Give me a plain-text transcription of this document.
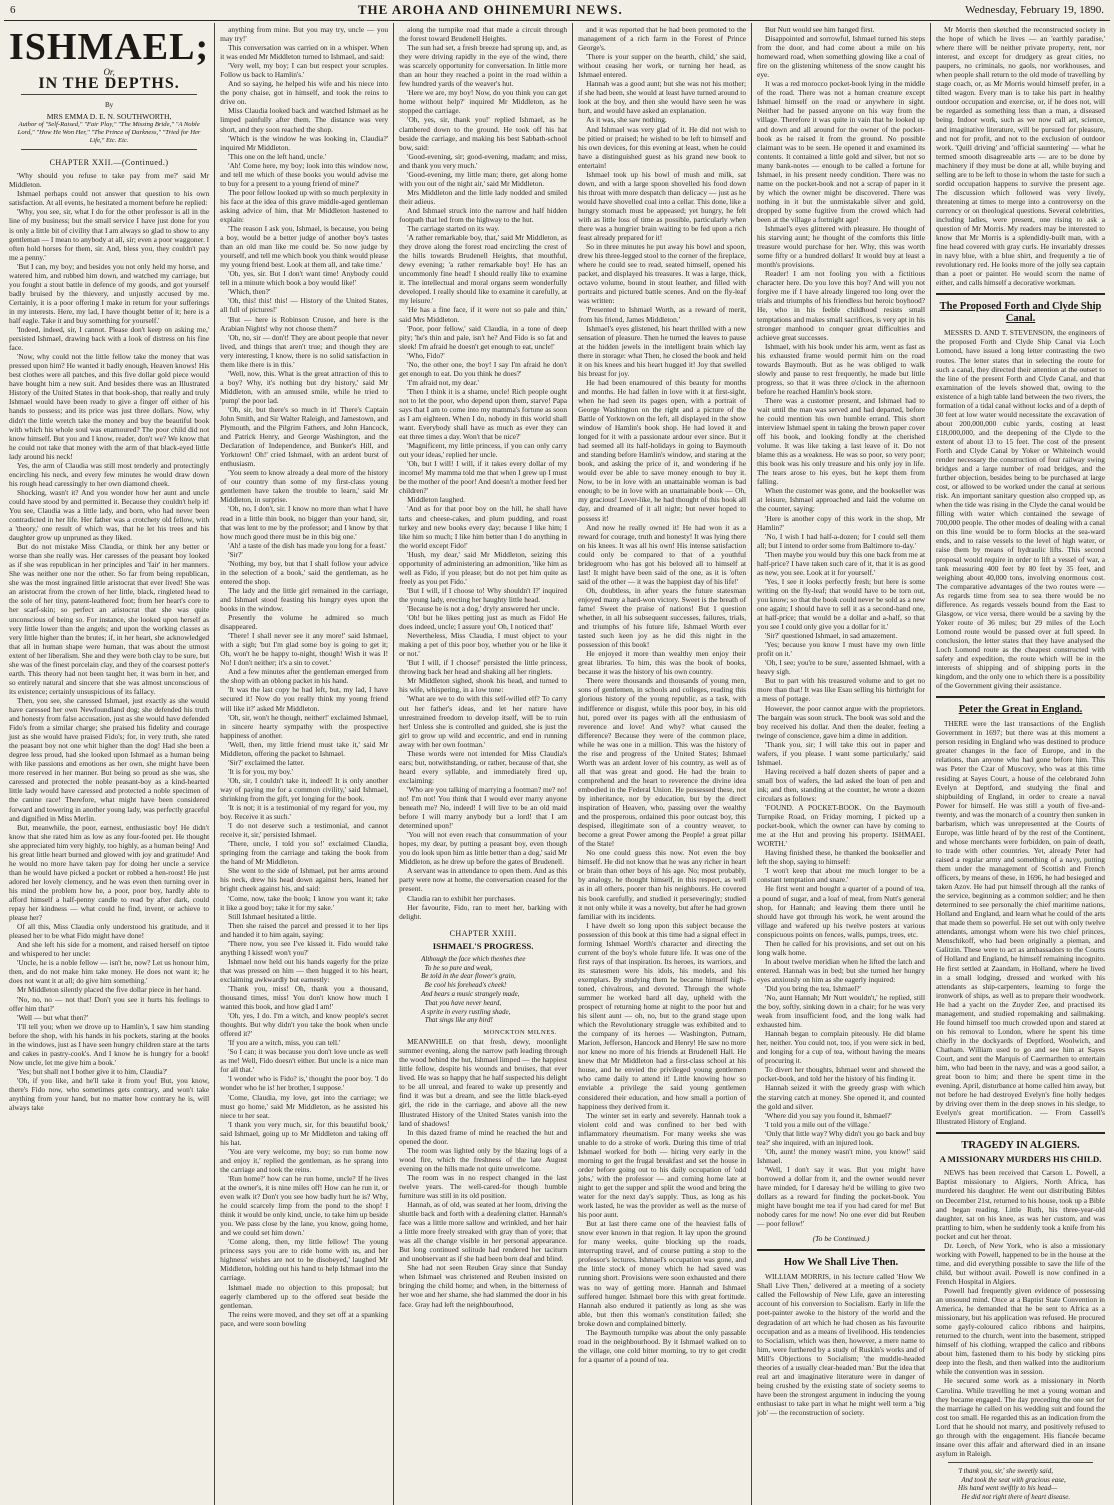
6	THE AROHA AND OHINEMURI NEWS.	Wednesday, February 19, 1890.
ISHMAEL;
Or,
IN THE DEPTHS.
By
MRS EMMA D. E. N. SOUTHWORTH,
Author of "Self-Raised," "Fair Play," "The Missing Bride," "A Noble Lord," "How He Won Her," "The Prince of Darkness," "Tried for Her Life," Etc. Etc.
CHAPTER XXII.—(Continued.)

'Why should you refuse to take pay from me?' said Mr Middleton.

Ishmael perhaps could not answer that question to his own satisfaction. At all events, he hesitated a moment before he replied:

'Why, you see, sir, what I do for the other professor is all in the line of my business; but the small service I have just done for you is only a little bit of civility that I am always so glad to show to any gentleman — I mean to anybody at all, sir; even a poor waggoner. I often hold horses for them, sir. And, bless you, they couldn't pay me a penny.'

'But I can, my boy; and besides you not only held my horse, and watered him, and rubbed him down, and watched my carriage, but you fought a stout battle in defence of my goods, and got yourself badly bruised by the thievery, and unjustly accused by me. Certainly, it is a poor offering I make in return for your sufferings in my interests. Here, my lad, I have thought better of it; here is a half eagle. Take it and buy something for yourself.'

'Indeed, indeed, sir, I cannot. Please don't keep on asking me,' persisted Ishmael, drawing back with a look of distress on his fine face.

'Now, why could not the little fellow take the money that was pressed upon him? He wanted it badly enough, Heaven knows! His best clothes were all patches, and this five dollar gold piece would have bought him a new suit. And besides there was an Illustrated History of the United States in that book-shop, that really and truly Ishmael would have been ready to give a finger off either of his hands to possess; and its price was just three dollars. Now, why didn't the little wretch take the money and buy the beautiful book with which his whole soul was enamoured? The poor child did not know himself. But you and I know, reader, don't we? We know that he could not take that money with the arm of that black-eyed little lady around his neck!

Yes, the arm of Claudia was still most tenderly and protectingly encircling his neck, and every few minutes he would draw down his rough head caressingly to her own diamond cheek.

Shocking, wasn't it? And you wonder how her aunt and uncle could have stood by and permitted it. Because they couldn't help it! You see, Claudia was a little lady, and born, who had never been contradicted in her life. Her father was a crotchety old fellow, with a 'theory,' one result of which was, that he let his trees and his daughter grow up unpruned as they liked.

But do not mistake Miss Claudia, or think her any better or worse than she really was. Her caresses of the peasant boy looked as if she was republican in her principles and 'fair' in her manners. She was neither one nor the other. So far from being republican, she was the most ingrained little aristocrat that ever lived! She was an aristocrat from the crown of her little, black, ringleted head to the sole of her tiny, patent-leathered foot; from her heart's core to her scarf-skin; so perfect an aristocrat that she was quite unconscious of being so. For instance, she looked upon herself as very little lower than the angels; and upon the working classes as very little higher than the brutes; if, in her heart, she acknowledged that all in human shape were human, that was about the utmost extent of her liberalism. She and they were both clay to be sure, but she was of the finest porcelain clay, and they of the coarsest potter's earth. This theory had not been taught her, it was born in her, and so entirely natural and sincere that she was almost unconscious of its existence; certainly unsuspicious of its fallacy.

Then, you see, she caressed Ishmael, just exactly as she would have caressed her own Newfoundland dog; she defended his truth and honesty from false accusation, just as she would have defended Fido's from a similar charge; she praised his fidelity and courage just as she would have praised Fido's; for, in very truth, she rated the peasant boy not one whit higher than the dog! Had she been a degree less proud, had she looked upon Ishmael as a human being with like passions and emotions as her own, she might have been more reserved in her manner. But being so proud as she was, she caressed and protected the noble peasant-boy as a kind-hearted little lady would have caressed and protected a noble specimen of the canine race! Therefore, what might have been considered forward and towering in another young lady, was perfectly graceful and dignified in Miss Merlin.

But, meanwhile, the poor, earnest, enthusiastic boy! He didn't know that she rated him as low as any four-footed pet. He thought she appreciated him very highly, too highly, as a human being! And his great little heart burned and glowed with joy and gratitude! And he would no more have taken pay for doing her uncle a service than he would have picked a pocket or robbed a hen-roost! He just adored her lovely clemency, and he was even then turning over in his mind the problem how he, a poor, poor boy, hardly able to afford himself a half-penny candle to read by after dark, could repay her kindness — what could he find, invent, or achieve to please her?

Of all this, Miss Claudia only understood his gratitude, and it pleased her to be what Fido might have done!

And she left his side for a moment, and raised herself on tiptoe and whispered to her uncle:

'Uncle, he is a noble fellow — isn't he, now? Let us honour him, then, and do not make him take money. He does not want it; he does not want it at all; do give him something.'

Mr Middleton silently placed the five dollar piece in her hand.

'No, no, no — not that! Don't you see it hurts his feelings to offer him that?'

'Well — but what then?'

'I'll tell you; when we drove up to Hamlin's, I saw him standing before the shop, with his hands in his pockets, staring at the books in the windows, just as I have seen hungry children stare at the tarts and cakes in pastry-cook's. And I know he is hungry for a book! Now uncle, let me give him a book.'

'Yes; but shall not I bother give it to him, Claudia?'

'Oh, if you like, and he'll take it from you! But, you know, there's Fido now, who sometimes gets contrary, and won't take anything from your hand, but no matter how contrary he is, will always take

anything from mine. But you may try, uncle — you may try!'

This conversation was carried on in a whisper. When it was ended Mr Middleton turned to Ishmael, and said:

'Very well, my boy; I can but respect your scruples. Follow us back to Hamlin's.'

And so saying, he helped his wife and his niece into the pony chaise, got in himself, and took the reins to drive on.

Miss Claudia looked back and watched Ishmael as he limped painfully after them. The distance was very short, and they soon reached the shop.

'Which is the window he was looking in, Claudia?' inquired Mr Middleton.

'This one on the left hand, uncle.'

'Ah! Come here, my boy; look into this window now, and tell me which of these books you would advise me to buy for a present to a young friend of mine?'

The poor fellow looked up with so much perplexity in his face at the idea of this grave middle-aged gentleman asking advice of him, that Mr Middleton hastened to explain:

'The reason I ask you, Ishmael, is because, you being a boy, would be a better judge of another boy's tastes than an old man like me could be. So now judge by yourself, and tell me which book you think would please my young friend best. Look at them all, and take time.'

'Oh, yes, sir. But I don't want time! Anybody could tell in a minute which book a boy would like!'

'Which, then?'

'Oh, this! this! this! — History of the United States, all full of pictures!'

'But — here is Robinson Crusoe, and here is the Arabian Nights! why not choose them?'

'Oh, no, sir — don't! They are about people that never lived, and things that aren't true; and though they are very interesting, I know, there is no solid satisfaction in them like there is in this.'

'Well, now, this. What is the great attraction of this to a boy? Why, it's nothing but dry history,' said Mr Middleton, with an amused smile, while he tried to 'pump' the poor lad.

'Oh, sir, but there's so much in it! There's Captain John Smith, and Sir Walter Raleigh, and Jamestown, and Plymouth, and the Pilgrim Fathers, and John Hancock, and Patrick Henry, and George Washington, and the Declaration of Independence, and Bunker's Hill, and Yorktown! Oh!' cried Ishmael, with an ardent burst of enthusiasm.

'You seem to know already a deal more of the history of our country than some of my first-class young gentlemen have taken the trouble to learn,' said Mr Middleton, in surprise.

'Oh, no, I don't, sir. I know no more than what I have read in a little thin book, no bigger than your hand, sir, that was lent to me by the professor; and I know by that how much good there must be in this big one.'

'Ah! a taste of the dish has made you long for a feast.'

'Sir?'

'Nothing, my boy, but that I shall follow your advice in the selection of a book,' said the gentleman, as he entered the shop.

The lady and the little girl remained in the carriage, and Ishmael stood feasting his hungry eyes upon the books in the window.

Presently the volume he admired so much disappeared.

'There! I shall never see it any more!' said Ishmael, with a sigh; 'but I'm glad some boy is going to get it; Oh, won't he be happy to-night, though! Wish it was I! No! I don't neither; it's a sin to covet.'

And a few minutes after the gentleman emerged from the shop with an oblong packet in his hand.

'It was the last copy he had left, but, my lad, I have secured it! Now do you really think my young friend will like it?' asked Mr Middleton.

'Oh, sir, won't he though, neither!' exclaimed Ishmael, in sincere hearty sympathy with the prospective happiness of another.

'Well, then, my little friend must take it,' said Mr Middleton, offering the packet to Ishmael.

'Sir?' exclaimed the latter.

'It is for you, my boy.'

'Oh, sir, I couldn't take it, indeed! It is only another way of paying me for a common civility,' said Ishmael, shrinking from the gift, yet longing for the book.

'It is not; it is a testimonial of my regard for you, my boy. Receive it as such.'

'I do not deserve such a testimonial, and cannot receive it, sir,' persisted Ishmael.

'There, uncle, I told you so!' exclaimed Claudia, springing from the carriage and taking the book from the hand of Mr Middleton.

She went to the side of Ishmael, put her arms around his neck, drew his head down against hers, leaned her bright cheek against his, and said:

'Come, now, take the book; I know you want it; take it like a good boy; take it for my sake.'

Still Ishmael hesitated a little.

Then she raised the parcel and pressed it to her lips and handed it to him again, saying:

'There now, you see I've kissed it. Fido would take anything I kissed! won't you?'

Ishmael now held out his hands eagerly for the prize that was pressed on him — then hugged it to his heart, exclaiming awkwardly but earnestly:

'Thank you, miss! Oh, thank you a thousand, thousand times, miss! You don't know how much I wanted this book, and how glad I am!'

'Oh, yes, I do. I'm a witch, and know people's secret thoughts. But why didn't you take the book when uncle offered it?'

'If you are a witch, miss, you can tell.'

'So I can; it was because you don't love uncle as well as me! Well, Fido doesn't either. But uncle is a nice man for all that.'

'I wonder who is Fido? is,' thought the poor boy. 'I do wonder who he is! her brother, I suppose.'

'Come, Claudia, my love, get into the carriage; we must go home,' said Mr Middleton, as he assisted his niece to her seat.

'I thank you very much, sir, for this beautiful book,' said Ishmael, going up to Mr Middleton and taking off his hat.

'You are very welcome, my boy; so run home now and enjoy it,' replied the gentleman, as he sprang into the carriage and took the reins.

'Run home?' how can he run home, uncle? If he lives at the owner's, it is nine miles off! How can he run it, or even walk it? Don't you see how badly hurt he is? Why, he could scarcely limp from the pond to the shop! I think it would be only kind, uncle, to take him up beside you. We pass close by the lane, you know, going home, and we could set him down.'

'Come along, then, my little fellow! The young princess says you are to ride home with us, and her highness' wishes are not to be disobeyed,' laughed Mr Middleton, holding out his hand to help Ishmael into the carriage.

Ishmael made no objection to this proposal; but eagerly clambered up to the offered seat beside the gentleman.

The reins were moved, and they set off at a spanking pace, and were soon bowling

along the turnpike road that made a circuit through the forest toward Brudenell Heights.

The sun had set, a fresh breeze had sprung up, and, as they were driving rapidly in the eye of the wind, there was scarcely opportunity for conversation. In little more than an hour they reached a point in the road within a few hundred yards of the weaver's hut.

'Here we are, my boy! Now, do you think you can get home without help?' inquired Mr Middleton, as he stopped the carriage.

'Oh, yes, sir, thank you!' replied Ishmael, as he clambered down to the ground. He took off his hat beside the carriage, and making his best Sabbath-school bow, said:

'Good-evening, sir; good-evening, madam; and miss, and thank you very much.'

'Good-evening, my little man; there, get along home with you out of the night air,' said Mr Middleton.

Mrs Middleton and the little lady nodded and smiled their adieus.

And Ishmael struck into the narrow and half hidden footpath that led from the highway to the hut.

The carriage started on its way.

'A rather remarkable boy, that,' said Mr Middleton, as they drove along the forest road encircling the crest of the hills towards Brudenell Heights, that mouthful, dewy evening; 'a rather remarkable boy! He has an uncommonly fine head! I should really like to examine it. The intellectual and moral organs seem wonderfully developed. I really should like to examine it carefully, at my leisure.'

'He has a fine face, if it were not so pale and thin,' said Mrs Middleton.

'Poor, poor fellow,' said Claudia, in a tone of deep pity; 'he's thin and pale, isn't he? And Fido is so fat and sleek! I'm afraid he doesn't get enough to eat, uncle!'

'Who, Fido?'

'No, the other one, the boy! I say I'm afraid he don't get enough to eat. Do you think he does?'

'I'm afraid not, my dear.'

'Then I think it is a shame, uncle! Rich people ought not to let the poor, who depend upon them, starve! Papa says that I am to come into my mamma's fortune as soon as I am eighteen. When I do, nobody in this world shall want. Everybody shall have as much as ever they can eat three times a day. Won't that be nice?'

'Magnificent, my little princess, if you can only carry out your ideas,' replied her uncle.

'Oh, but I will! I will, if it takes every dollar of my income! My mamma told me that when I grew up I must be the mother of the poor! And doesn't a mother feed her children?'

Middleton laughed.

'And as for that poor boy on the hill, he shall have tarts and cheese-cakes, and plum pudding, and roast turkey and new books every day; because I like him; I like him so much; I like him better than I do anything in the world except Fido!'

'Hush, my dear,' said Mr Middleton, seizing this opportunity of administering an admonition, 'like him as well as Fido, if you please; but do not pet him quite as freely as you pet Fido.'

'But I will, if I choose to! Why shouldn't I?' inquired the young lady, erecting her haughty little head.

'Because he is not a dog,' dryly answered her uncle.

'Oh! but he likes petting just as much as Fido! He does indeed, uncle; I assure you! Oh, I noticed that!'

Nevertheless, Miss Claudia, I must object to your making a pet of this poor boy, whether you or he like it or not.'

'But I will, if I choose!' persisted the little princess, throwing back her head and shaking all her ringlets.

Mr Middleton sighed, shook his head, and turned to his wife, whispering, in a low tone:

'What are we to do with this self-willed elf? To carry out her father's ideas, and let her nature have unrestrained freedom to develop itself, will be to ruin her! Unless she is controlled and guided, she is just the girl to grow up wild and eccentric, and end in running away with her own footman.'

These words were not intended for Miss Claudia's ears; but, notwithstanding, or rather, because of that, she heard every syllable, and immediately fired up, exclaiming:

'Who are you talking of marrying a footman? me? no! no! I'm not! You think that I would ever marry anyone beneath me? No, indeed! I will live to be an old maid before I will marry anybody but a lord! that I am determined upon!'

'You will not even reach that consummation of your hopes, my dear, by putting a peasant boy, even though you do look upon him as little better than a dog,' said Mr Middleton, as he drew up before the gates of Brudenell.

A servant was in attendance to open them. And as this party were now at home, the conversation ceased for the present.

Claudia ran to exhibit her purchases.

Her favourite, Fido, ran to meet her, barking with delight.

CHAPTER XXIII.
ISHMAEL'S PROGRESS.
Although the face which thenhes thee
To be so pure and weak,
Be told in the dear flower's grain,
Be cool his forehead's cheek!
And bears a music strangely made,
That you have never heard,
A sprite in every rustling shade,
That sings like any bird!
MONCKTON MILNES.

MEANWHILE on that fresh, dewy, moonlight summer evening, along the narrow path leading through the wood behind the hut, Ishmael limped — the happiest little fellow, despite his wounds and bruises, that ever lived. He was so happy that he half suspected his delight to be all unreal, and feared to wake up presently and find it was but a dream, and see the little black-eyed girl, the ride in the carriage, and above all the new Illustrated History of the United States vanish into the land of shadows!

In this dazed frame of mind he reached the hut and opened the door.

The room was lighted only by the blazing logs of a wood fire, which the freshness of the late August evening on the hills made not quite unwelcome.

The room was in no respect changed in the last twelve years. The well-cared-for though humble furniture was still in its old position.

Hannah, as of old, was seated at her loom, driving the shuttle back and forth with a deafening clatter. Hannah's face was a little more sallow and wrinkled, and her hair a little more freely streaked with gray than of yore; that was all the change visible in her personal appearance. But long continued solitude had rendered her taciturn and unobservant as if she had been born deaf and blind.

She had not seen Reuben Gray since that Sunday when Ishmael was christened and Reuben insisted on bringing the child home; and when, in the bitterness of her woe and her shame, she had slammed the door in his face. Gray had left the neighbourhood,

and it was reported that he had been promoted to the management of a rich farm in the Forest of Prince George's.

'There is your supper on the hearth, child,' she said, without ceasing her work, or turning her head, as Ishmael entered.

Hannah was a good aunt; but she was not his mother; if she had been, she would at least have turned around to look at the boy, and then she would have seen he was hurt, and would have asked an explanation.

As it was, she saw nothing.

And Ishmael was very glad of it. He did not wish to be pitied or praised; he wished to be left to himself and his own devices, for this evening at least, when he could have a distinguished guest as his grand new book to entertain!

Ishmael took up his bowl of mush and milk, sat down, and with a large spoon shovelled his food down his throat with more despatch than delicacy — just as he would have shovelled coal into a cellar. This done, like a hungry stomach must be appeased; yet hungry, he felt with as little loss of time as possible, particularly when there was a hungrier brain waiting to be fed upon a rich feast already prepared for it!

So in three minutes he put away his bowl and spoon, drew his three-legged stool to the corner of the fireplace, where he could see to read, seated himself, opened his packet, and displayed his treasures. It was a large, thick, octavo volume, bound in stout leather, and filled with portraits and pictured battle scenes. And on the fly-leaf was written:

'Presented to Ishmael Worth, as a reward of merit, from his friend, James Middleton.'

Ishmael's eyes glistened, his heart thrilled with a new sensation of pleasure. Then he turned the leaves to pause at the hidden jewels in the intelligent brain which lay there in storage: what Then, he closed the book and held it on his knees and his heart hugged it! Joy that swelled his breast for joy.

He had been enamoured of this beauty for months and months. He had fallen in love with it at first-sight, when he had seen its pages open, with a portrait of George Washington on the right and a picture of the Battle of Yorktown on the left, all displayed in the show window of Hamlin's book shop. He had loved it and longed for it with a passionate ardour ever since. But it had seemed all its half-holidays in going to Baymouth and standing before Hamlin's window, and staring at the book, and asking the price of it, and wondering if he would ever be able to save money enough to buy it. Now, to be in love with an unattainable woman is bad enough; to be in love with an unattainable book — Oh, my gracious! Lover-like, he had thought of this book all day, and dreamed of it all night; but never hoped to possess it!

And now he really owned it! He had won it as a reward for courage, truth and honesty! It was lying there on his knees. It was all his own! His intense satisfaction could only be compared to that of a youthful bridegroom who has got his beloved all to himself at last! It might have been said of the one, as it is 'often said of the other — it was the happiest day of his life!'

Oh, doubtless, in after years the future statesman enjoyed many a hard-won victory. Sweet is the breath of fame! Sweet the praise of nations! But I question whether, in all his subsequent successes, failures, trials, and triumphs of his future life, Ishmael Worth ever tasted such keen joy as he did this night in the possession of this book!

He enjoyed it more than wealthy men enjoy their great libraries. To him, this was the book of books, because it was the history of his own country.

There were thousands and thousands of young men, sons of gentlemen, in schools and colleges, reading this glorious history of the young republic, as a task, with indifference or disgust, while this poor boy, in his old hut, pored over its pages with all the enthusiasm of reverence and love! And why? what caused the difference? Because they were of the common place, while he was one in a million. This was the history of the rise and progress of the United States; Ishmael Worth was an ardent lover of his country, as well as of all that was great and good. He had the brain to comprehend and the heart to reverence the divine idea embodied in the Federal Union. He possessed these, not by inheritance, nor by education, but by the direct inspiration of Heaven, who, passing over the wealthy and the prosperous, ordained this poor outcast boy, this despised, illegitimate son of a country weaver, to become a great Power among the People! a great pillar of the State!

No one could guess this now. Not even the boy himself. He did not know that he was any richer in heart or brain than other boys of his age. No; most probably, by analogy, he thought himself, in this respect, as well as in all others, poorer than his neighbours. He covered his book carefully, and studied it perseveringly; studied it not only while it was a novelty, but after he had grown familiar with its incidents.

I have dwelt so long upon this subject because the possession of this book at this time had a signal effect in forming Ishmael Worth's character and directing the current of the boy's whole future life. It was one of the first rays of that inspiration. Its heroes, its warriors, and its statesmen were his idols, his models, and his exemplars. By studying them he became himself high-toned, chivalrous, and devoted. Through the whole summer he worked hard all day, upheld with the prospect of returning home at night to the poor hut and his silent aunt — oh, no, but to the grand stage upon which the Revolutionary struggle was exhibited and to the company of its heroes — Washington, Putnam, Marion, Jefferson, Hancock and Henry! He saw no more nor knew no more of his friends at Brudenell Hall. He knew that Mr Middleton had a first-class school at his house, and he envied the privileged young gentlemen who came daily to attend it! Little knowing how so enviable a privilege the said young gentlemen considered their education, and how small a portion of happiness they derived from it.

The winter set in early and severely. Hannah took a violent cold and was confined to her bed with inflammatory rheumatism. For many weeks she was unable to do a stroke of work. During this time of trial Ishmael worked for both — hiring very early in the morning to get the frugal breakfast and set the house in order before going out to his daily occupation of 'odd jobs,' with the professor — and coming home late at night to get the supper and split the wood and bring the water for the next day's supply. Thus, as long as his work lasted, he was the provider as well as the nurse of his poor aunt.

But at last there came one of the heaviest falls of snow ever known in that region. It lay upon the ground for many weeks, quite blocking up the roads, interrupting travel, and of course putting a stop to the professor's lectures. Ishmael's occupation was gone, and the little stock of money which he had saved was running short. Provisions were soon exhausted and there was no way of getting more. Hannah and Ishmael suffered hunger. Ishmael bore this with great fortitude. Hannah also endured it patiently as long as she was able, but then this woman's constitution failed; she broke down and complained bitterly.

The Baymouth turnpike was about the only passable road in the neighbourhood. By it Ishmael walked on to the village, one cold bitter morning, to try to get credit for a quarter of a pound of tea.

But Nutt would see him hanged first.

Disappointed and sorrowful, Ishmael turned his steps from the door, and had come about a mile on his homeward road, when something glowing like a coal of fire on the glistening whiteness of the snow caught his eye.

It was a red morocco pocket-book lying in the middle of the road. There was not a human creature except Ishmael himself on the road or anywhere in sight. Neither had he passed anyone on his way from the village. Therefore it was quite in vain that he looked up and down and all around for the owner of the pocket-book as he raised it from the ground. No possible claimant was to be seen. He opened it and examined its contents. It contained a little gold and silver, but not so many bank-notes — enough to be called a fortune for Ishmael, in his present needy condition. There was no name on the pocket-book and not a scrap of paper in it by which the owner might be discovered. There was nothing in it but the unmistakable silver and gold, dropped by some fugitive from the crowd which had been at the village a fortnight ago!

Ishmael's eyes glittered with pleasure. He thought of his starving aunt; he thought of the comforts this little treasure would purchase for her. Why, this was worth some fifty or a hundred dollars! It would buy at least a month's provisions.

Reader! I am not fooling you with a fictitious character here. Do you love this boy? And will you not forgive me if I have already lingered too long over the trials and triumphs of his friendless but heroic boyhood? He, who in his feeble childhood resists small temptations and makes small sacrifices, is very apt in his stronger manhood to conquer great difficulties and achieve great successes.

Ishmael, with his book under his arm, went as fast as his exhausted frame would permit him on the road towards Baymouth. But as he was obliged to walk slowly and pause to rest frequently, he made but little progress, so that it was three o'clock in the afternoon before he reached Hamlin's book store.

There was a customer present, and Ishmael had to wait until the man was served and had departed, before he could mention his own humble errand. This short interview Ishmael spent in taking the brown paper cover off his book, and looking fondly at the cherished volume. It was like taking a last leave of it. Do not blame this as a weakness. He was so poor, so very poor; this book was his only treasure and his only joy in life. The tears arose to his eyes, but he kept them from falling.

When the customer was gone, and the bookseller was at leisure, Ishmael approached and laid the volume on the counter, saying:

'Here is another copy of this work in the shop, Mr Hamlin?'

'No, I wish I had half-a-dozen; for I could sell them all; but I intend to order some from Baltimore to-day.'

'Then maybe you would buy this one back from me at half-price? I have taken such care of it, that it is as good as new, you see. Look at it for yourself.'

'Yes, I see it looks perfectly fresh; but here is some writing on the fly-leaf; that would have to be torn out, you know; so that the book could never be sold as a new one again; I should have to sell it as a second-hand one, at half-price; that would be a dollar and a-half, so that you see I could only give you a dollar for it.'

'Sir?' questioned Ishmael, in sad amazement.

'Yes; because you know I must have my own little profit on it.'

'Oh, I see; you're to be sure,' assented Ishmael, with a heavy sigh.

But to part with his treasured volume and to get no more than that! It was like Esau selling his birthright for a mess of pottage.

However, the poor cannot argue with the proprietors. The bargain was soon struck. The book was sold and the boy received his dollar. And then the dealer, feeling a twinge of conscience, gave him a dime in addition.

'Thank you, sir; I will take this out in paper and wafers, if you please. I want some particularly,' said Ishmael.

Having received a half dozen sheets of paper and a small box of wafers, the lad asked the loan of pen and ink; and then, standing at the counter, he wrote a dozen circulars as follows:

'FOUND. A POCKET-BOOK. On the Baymouth Turnpike Road, on Friday morning, I picked up a pocket-book, which the owner can have by coming to me at the Hut and proving his property. ISHMAEL WORTH.'

Having finished these, he thanked the bookseller and left the shop, saying to himself:

'I won't keep that about me much longer to be a constant temptation and snare.'

He first went and bought a quarter of a pound of tea, a pound of sugar, and a loaf of meal, from Nutt's general shop, for Hannah; and leaving them there until he should have got through his work, he went around the village and wafered up his twelve posters at various conspicuous points on fences, walls, pumps, trees, etc.

Then he called for his provisions, and set out on his long walk home.

In about twelve meridian when he lifted the latch and entered. Hannah was in bed; but she turned her hungry eyes anxiously on him as she eagerly inquired:

'Did you bring the tea, Ishmael?'

'No, aunt Hannah; Mr Nutt wouldn't,' he replied, still the boy, softly, sinking down in a chair; for he was very weak from insufficient food, and the long walk had exhausted him.

Hannah began to complain piteously. He did blame her, neither. You could not, too, if you were sick in bed, and longing for a cup of tea, without having the means of procuring it.

To divert her thoughts, Ishmael went and showed the pocket-book, and told her the history of his finding it.

Hannah seized it with the greedy grasp with which the starving catch at money. She opened it, and counted the gold and silver.

'Where did you say you found it, Ishmael?'

'I told you a mile out of the village.'

'Only that little way? Why didn't you go back and buy tea?' she inquired, with an injured look.

'Oh, aunt! the money wasn't mine, you know!' said Ishmael.

'Well, I don't say it was. But you might have borrowed a dollar from it, and the owner would never have minded, for I daresay he'd be willing to give two dollars as a reward for finding the pocket-book. You might have bought me tea if you had cared for me! But nobody cares for me now! No one ever did but Reuben — poor fellow!'

(To be Continued.)
How We Shall Live Then.

WILLIAM MORRIS, in his lecture called 'How We Shall Live Then,' delivered at a meeting of a society called the Fellowship of New Life, gave an interesting account of his conversion to Socialism. Early in life the poet-painter awoke to the history of the world and the degradation of art which he had chosen as his favourite occupation and as a means of livelihood. His tendencies to Socialism, which was then, however, a mere name to him, were furthered by a study of Ruskin's works and of Mill's Objections to Socialism; 'the muddle-headed theories of a usually clear-headed man.' But the idea that real art and imaginative literature were in danger of being crushed by the existing state of society seems to have been the strongest argument in inducing the young enthusiast to take part in what he might well term a 'big job' — the reconstruction of society.

Mr Morris then sketched the reconstructed society in the hope of which he lives — an 'earthly paradise,' where there will be neither private property, rent, nor interest, and except for drudgery as great cities, no paupers, no criminals, no gaols, nor workhouses, and when people shall return to the old mode of travelling by stage coach, or, as Mr Morris would himself prefer, in a tilted wagon. Every man is to take his part in healthy outdoor occupation and exercise, or, if he does not, will be regarded as something less than a man, a diseased being. Indoor work, such as we now call art, science, and imaginative literature, will be pursued for pleasure, and not for profit, and not to the exclusion of outdoor work. 'Quill driving' and 'official sauntering' — what he termed smooth disagreeable arts — are to be done by machinery if they must be done at all, while buying and selling are to be left to those in whom the taste for such a sordid occupation happens to survive the present age. The discussion which followed was very lively, threatening at times to merge into a controversy on the currency or on theological questions. Several celebrities, including ladies, were present, one rising to ask a question of Mr Morris. My readers may be interested to know that Mr Morris is a splendidly-built man, with a fine head covered with gray curls. He invariably dresses in navy blue, with a blue shirt, and frequently a tie of revolutionary red. He looks more of the jolly sea captain than a poet or painter. He would scorn the name of either, and calls himself a decorative workman.

The Proposed Forth and Clyde Ship Canal.

MESSRS D. AND T. STEVENSON, the engineers of the proposed Forth and Clyde Ship Canal via Loch Lomond, have issued a long letter contrasting the two routes. The letter states that in selecting the route for such a canal, they directed their attention at the outset to the line of the present Forth and Clyde Canal, and that examination of the levels showed that, owing to the existence of a high table land between the two rivers, the formation of a tidal canal without locks and of a depth of 30 feet at low water would necessitate the excavation of about 200,000,000 cubic yards, costing at least £18,000,000, and the deepening of the Clyde to the extent of about 13 to 15 feet. The cost of the present Forth and Clyde Canal by Yoker or Whiteinch would render necessary the construction of four railway swing bridges and a large number of road bridges, and the further objection, besides being to be purchased at large cost, or allowed to be worked under the canal at serious risk. An important sanitary question also cropped up, as when the tide was rising in the Clyde the canal would be filling with water which contained the sewage of 700,000 people. The other modes of dealing with a canal on this line would be to form blocks at the sea-ward ends, and to raise vessels to the level of high water, or raise them by means of hydraulic lifts. This second proposal would require in order to lift a vessel of war, a tank measuring 400 feet by 80 feet by 35 feet, and weighing about 40,000 tons, involving enormous cost. The comparative advantages of the two routes were — As regards time from sea to sea there would be no difference. As regards vessels bound from the East to Glasgow, or vice versa, there would be a saving by the Yoker route of 36 miles; but 29 miles of the Loch Lomond route would be passed over at full speed. In conclusion, the letter states that they have analysed the Loch Lomond route as the cheapest constructed with safety and expedition, the route which will be in the interests of shipping and of shipping ports in the kingdom, and the only one to which there is a possibility of the Government giving their assistance.

Peter the Great in England.

THERE were the last transactions of the English Government in 1697; but there was at this moment a person residing in England who was destined to produce greater changes in the face of Europe, and in the relations, than anyone who had gone before him. This was Peter the Czar of Muscovy, who was at this time residing at Sayes Court, a house of the celebrated John Evelyn at Deptford, and studying the final and shipbuilding of England, in order to create a naval Power for himself. He was still a youth of five-and-twenty, and was the monarch of a country then sunken in barbarism, which was unrepresented at the Courts of Europe, was little heard of by the rest of the Continent, and whose merchants were forbidden, on pain of death, to trade with other countries. Yet, already Peter had raised a regular army and something of a navy, putting them under the management of Scottish and French officers, by means of these, in 1696, he had besieged and taken Azov. He had put himself through all the ranks of the service, beginning as a common soldier; and he then determined to see personally the chief maritime nations, Holland and England, and learn what he could of the arts that made them so powerful. He set out with only twelve attendants, amongst whom were his two chief princes, Menschikoff, who had been originally a pieman, and Galitzin. These were to act as ambassadors to the Courts of Holland and England, he himself remaining incognito. He first settled at Zaandam, in Holland, where he lived in a small lodging, dressed and worked with his attendants as ship-carpenters, learning to forge the ironwork of ships, as well as to prepare their woodwork. He had a yacht on the Zuyder Zee, and practised its management, and studied ropemaking and sailmaking. He found himself too much crowded upon and stared at on his removal to London, where he spent his time chiefly in the dockyards of Deptford, Woolwich, and Chatham. William used to go and see him at Sayes Court, and sent the Marquis of Caermarthen to entertain him, who had been in the navy, and was a good sailor, a great boon to him; and there he spent time in the evening. April, disturbance at home called him away, but not before he had destroyed Evelyn's fine holly hedges by driving over them in the deep snows in his sledge, to Evelyn's great mortification. — From Cassell's Illustrated History of England.

TRAGEDY IN ALGIERS.
A MISSIONARY MURDERS HIS CHILD.

NEWS has been received that Carson L. Powell, a Baptist missionary to Algiers, North Africa, has murdered his daughter. He went out distributing Bibles on December 21st, returned to his house, took up a Bible and began reading. Little Ruth, his three-year-old daughter, sat on his knee, as was her custom, and was prattling to him, when he suddenly took a knife from his pocket and cut her throat.

Dr. Leech, of New York, who is also a missionary working with Powell, happened to be in the house at the time, and did everything possible to save the life of the child, but without avail. Powell is now confined in a French Hospital in Algiers.

Powell had frequently given evidence of possessing an unsound mind. Once at a Baptist State Convention in America, he demanded that he be sent to Africa as a missionary, but his application was refused. He procured some gayly-coloured calico ribbons and hairpins, returned to the church, went into the basement, stripped himself of his clothing, wrapped the calico and ribbons about him, fastened them to his body by sticking pins deep into the flesh, and then walked into the auditorium while the convention was in session.

He secured some work as a missionary in North Carolina. While travelling he met a young woman and they became engaged. The day preceding the one set for the marriage he called on his wedding suit and found the cost too small. He regarded this as an indication from the Lord that he should not marry, and positively refused to go through with the engagement. His fiancée became insane over this affair and afterward died in an insane asylum in Raleigh.

'I thank you, sir,' she sweetly said,
And took the seat with gracious ease,
His hand went swiftly to his head—
He did not right there of heart disease.
